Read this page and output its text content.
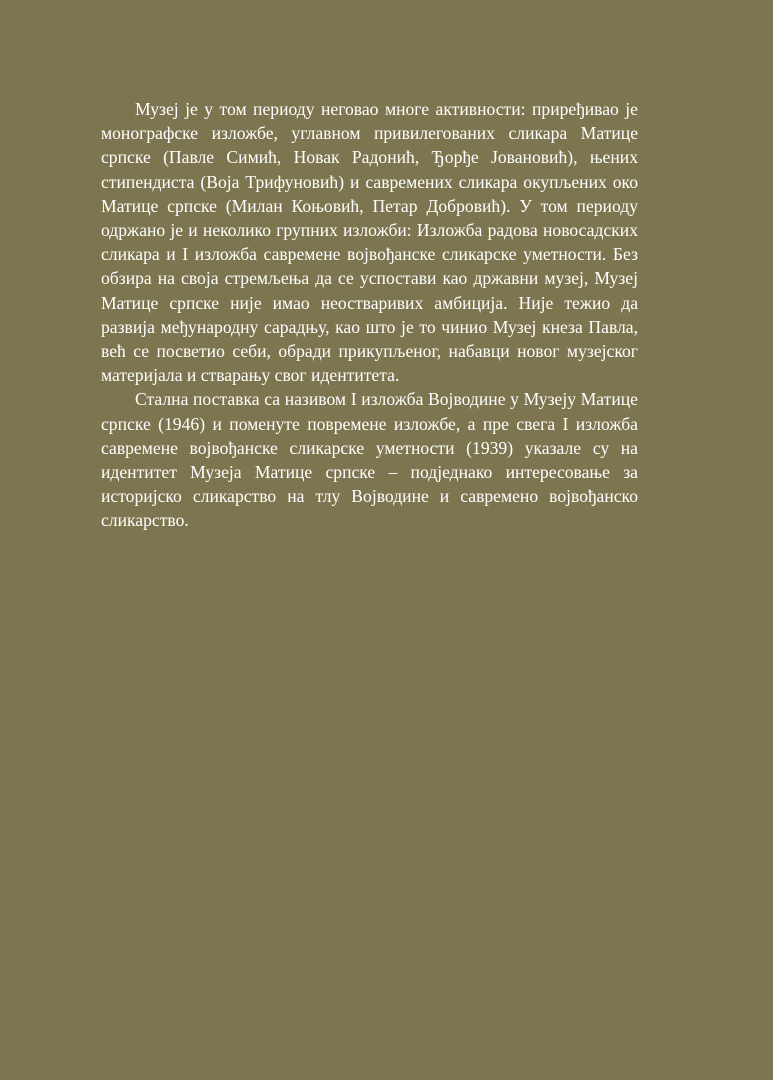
Музеј је у том периоду неговао многе активности: приређивао је монографске изложбе, углавном привилегованих сликара Матице српске (Павле Симић, Новак Радонић, Ђорђе Јовановић), њених стипендиста (Воја Трифуновић) и савремених сликара окупљених око Матице српске (Милан Коњовић, Петар Добровић). У том периоду одржано је и неколико групних изложби: Изложба радова новосадских сликара и I изложба савремене војвођанске сликарске уметности. Без обзира на своја стремљења да се успостави као државни музеј, Музеј Матице српске није имао неостваривих амбиција. Није тежио да развија међународну сарадњу, као што је то чинио Музеј кнеза Павла, већ се посветио себи, обради прикупљеног, набавци новог музејског материјала и стварању свог идентитета.

Стална поставка са називом I изложба Војводине у Музеју Матице српске (1946) и поменуте повремене изложбе, а пре свега I изложба савремене војвођанске сликарске уметности (1939) указале су на идентитет Музеја Матице српске – подједнако интересовање за историјско сликарство на тлу Војводине и савремено војвођанско сликарство.
